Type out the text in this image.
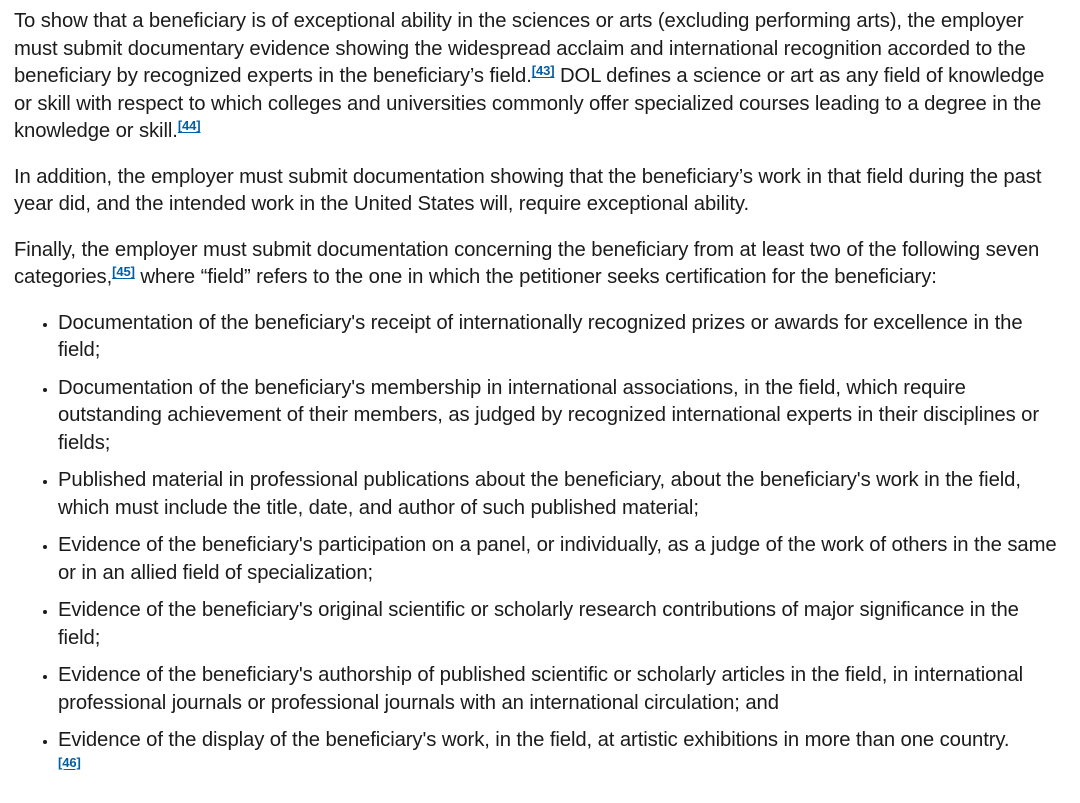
To show that a beneficiary is of exceptional ability in the sciences or arts (excluding performing arts), the employer must submit documentary evidence showing the widespread acclaim and international recognition accorded to the beneficiary by recognized experts in the beneficiary’s field.[43] DOL defines a science or art as any field of knowledge or skill with respect to which colleges and universities commonly offer specialized courses leading to a degree in the knowledge or skill.[44]

In addition, the employer must submit documentation showing that the beneficiary’s work in that field during the past year did, and the intended work in the United States will, require exceptional ability.

Finally, the employer must submit documentation concerning the beneficiary from at least two of the following seven categories,[45] where “field” refers to the one in which the petitioner seeks certification for the beneficiary:

• Documentation of the beneficiary's receipt of internationally recognized prizes or awards for excellence in the field;
• Documentation of the beneficiary's membership in international associations, in the field, which require outstanding achievement of their members, as judged by recognized international experts in their disciplines or fields;
• Published material in professional publications about the beneficiary, about the beneficiary's work in the field, which must include the title, date, and author of such published material;
• Evidence of the beneficiary's participation on a panel, or individually, as a judge of the work of others in the same or in an allied field of specialization;
• Evidence of the beneficiary's original scientific or scholarly research contributions of major significance in the field;
• Evidence of the beneficiary's authorship of published scientific or scholarly articles in the field, in international professional journals or professional journals with an international circulation; and
• Evidence of the display of the beneficiary's work, in the field, at artistic exhibitions in more than one country.
[46]
